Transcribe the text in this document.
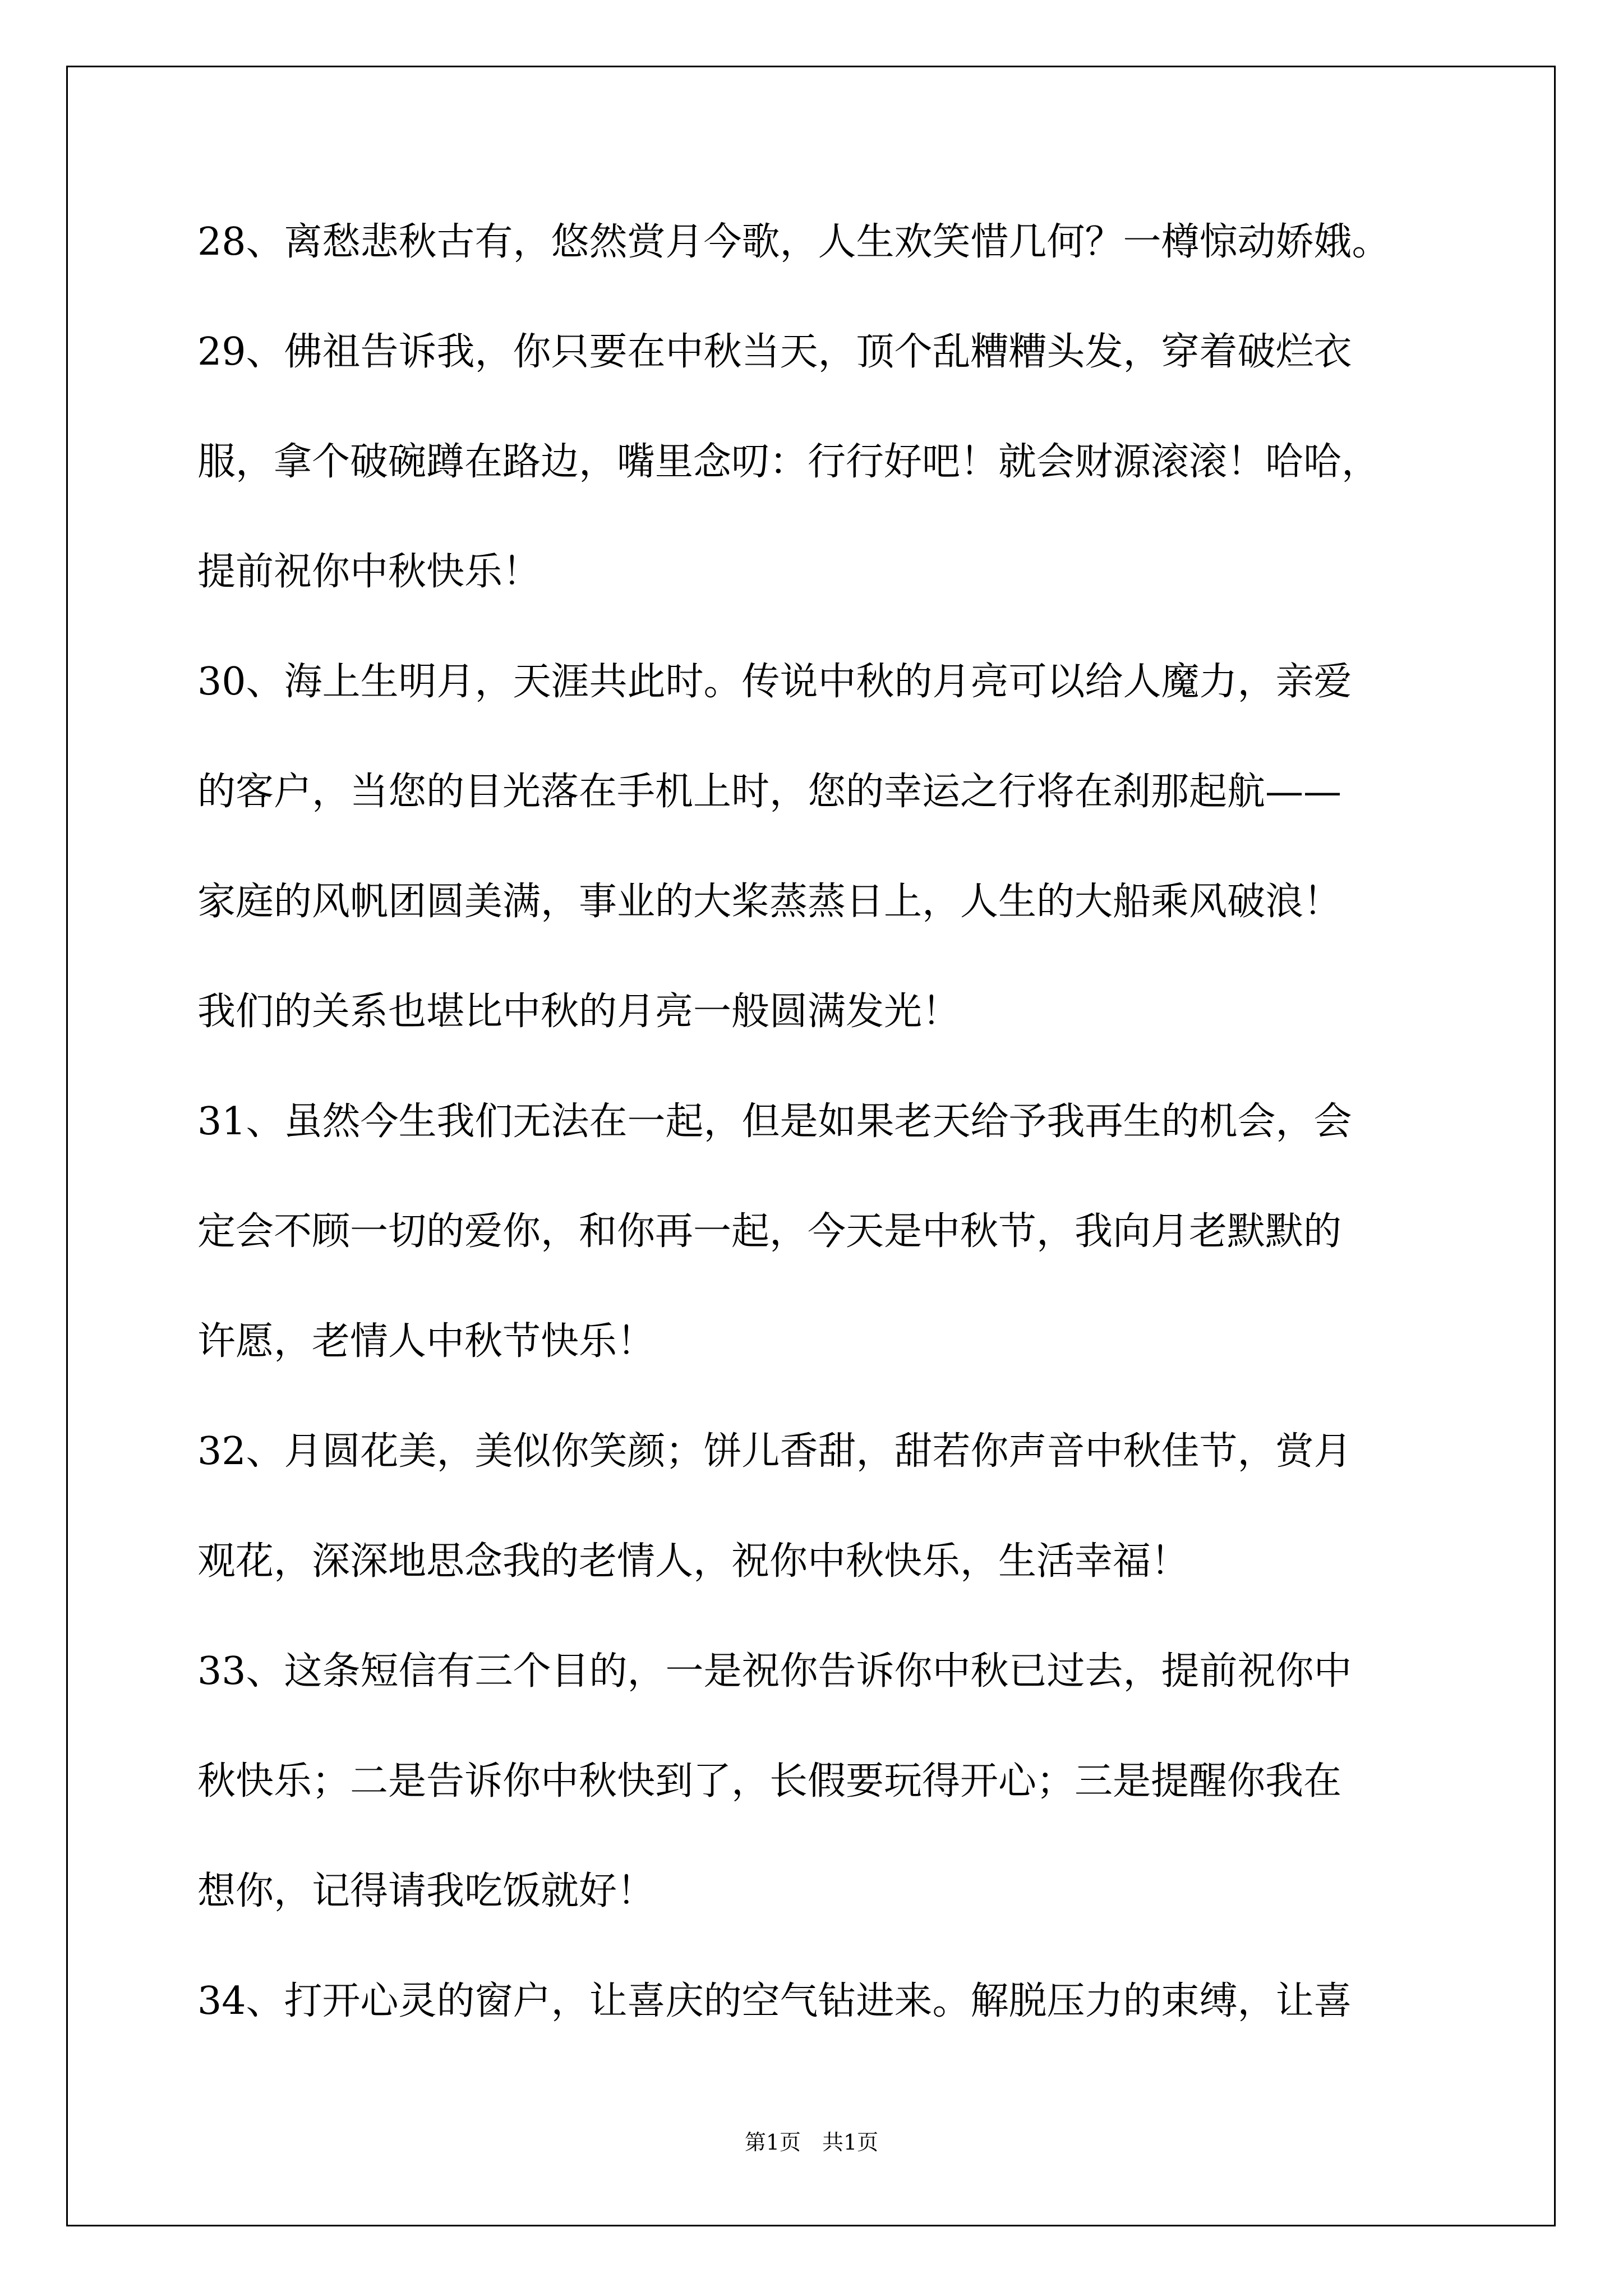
28、离愁悲秋古有，悠然赏月今歌，人生欢笑惜几何？一樽惊动娇娥。
29、佛祖告诉我，你只要在中秋当天，顶个乱糟糟头发，穿着破烂衣
服，拿个破碗蹲在路边，嘴里念叨：行行好吧！就会财源滚滚！哈哈，
提前祝你中秋快乐！
30、海上生明月，天涯共此时。传说中秋的月亮可以给人魔力，亲爱
的客户，当您的目光落在手机上时，您的幸运之行将在刹那起航——
家庭的风帆团圆美满，事业的大桨蒸蒸日上，人生的大船乘风破浪！
我们的关系也堪比中秋的月亮一般圆满发光！
31、虽然今生我们无法在一起，但是如果老天给予我再生的机会，会
定会不顾一切的爱你，和你再一起，今天是中秋节，我向月老默默的
许愿，老情人中秋节快乐！
32、月圆花美，美似你笑颜；饼儿香甜，甜若你声音中秋佳节，赏月
观花，深深地思念我的老情人，祝你中秋快乐，生活幸福！
33、这条短信有三个目的，一是祝你告诉你中秋已过去，提前祝你中
秋快乐；二是告诉你中秋快到了，长假要玩得开心；三是提醒你我在
想你，记得请我吃饭就好！
34、打开心灵的窗户，让喜庆的空气钻进来。解脱压力的束缚，让喜
第1页　共1页
